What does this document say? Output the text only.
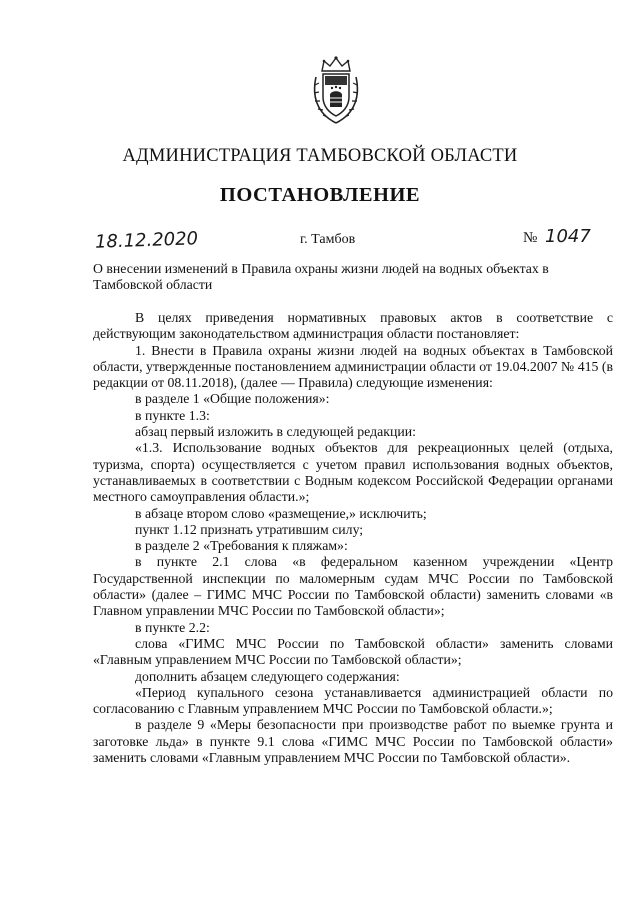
АДМИНИСТРАЦИЯ ТАМБОВСКОЙ ОБЛАСТИ
ПОСТАНОВЛЕНИЕ
18.12.2020	г. Тамбов	№ 1047
О внесении изменений в Правила охраны жизни людей на водных объектах в Тамбовской области

В целях приведения нормативных правовых актов в соответствие с действующим законодательством администрация области постановляет:

1. Внести в Правила охраны жизни людей на водных объектах в Тамбовской области, утвержденные постановлением администрации области от 19.04.2007 № 415 (в редакции от 08.11.2018), (далее — Правила) следующие изменения:

в разделе 1 «Общие положения»:

в пункте 1.3:

абзац первый изложить в следующей редакции:

«1.3. Использование водных объектов для рекреационных целей (отдыха, туризма, спорта) осуществляется с учетом правил использования водных объектов, устанавливаемых в соответствии с Водным кодексом Российской Федерации органами местного самоуправления области.»;

в абзаце втором слово «размещение,» исключить;

пункт 1.12 признать утратившим силу;

в разделе 2 «Требования к пляжам»:

в пункте 2.1 слова «в федеральном казенном учреждении «Центр Государственной инспекции по маломерным судам МЧС России по Тамбовской области» (далее – ГИМС МЧС России по Тамбовской области) заменить словами «в Главном управлении МЧС России по Тамбовской области»;

в пункте 2.2:

слова «ГИМС МЧС России по Тамбовской области» заменить словами «Главным управлением МЧС России по Тамбовской области»;

дополнить абзацем следующего содержания:

«Период купального сезона устанавливается администрацией области по согласованию с Главным управлением МЧС России по Тамбовской области.»;

в разделе 9 «Меры безопасности при производстве работ по выемке грунта и заготовке льда» в пункте 9.1 слова «ГИМС МЧС России по Тамбовской области» заменить словами «Главным управлением МЧС России по Тамбовской области».
